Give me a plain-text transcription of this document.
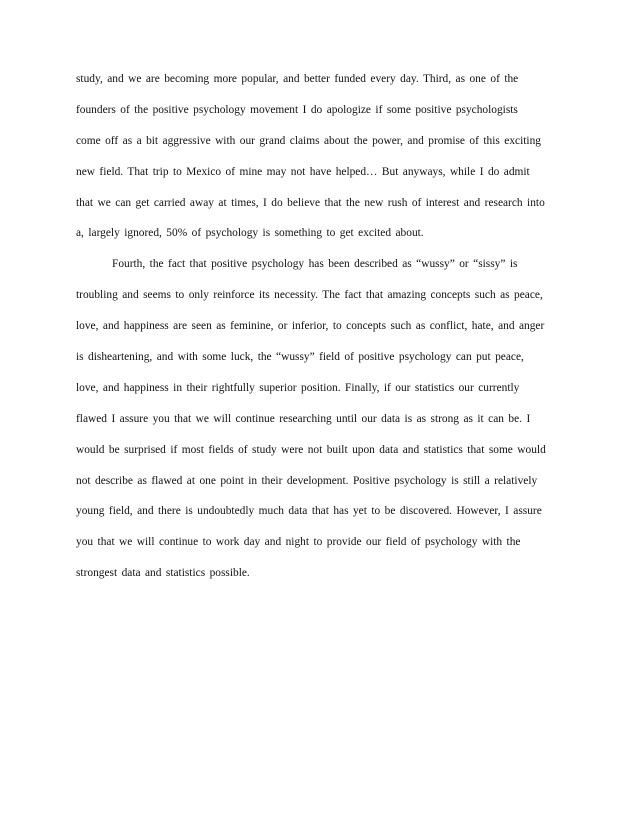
study, and we are becoming more popular, and better funded every day. Third, as one of the
founders of the positive psychology movement I do apologize if some positive psychologists
come off as a bit aggressive with our grand claims about the power, and promise of this exciting
new field. That trip to Mexico of mine may not have helped… But anyways, while I do admit
that we can get carried away at times, I do believe that the new rush of interest and research into
a, largely ignored, 50% of psychology is something to get excited about.
Fourth, the fact that positive psychology has been described as “wussy” or “sissy” is
troubling and seems to only reinforce its necessity. The fact that amazing concepts such as peace,
love, and happiness are seen as feminine, or inferior, to concepts such as conflict, hate, and anger
is disheartening, and with some luck, the “wussy” field of positive psychology can put peace,
love, and happiness in their rightfully superior position. Finally, if our statistics our currently
flawed I assure you that we will continue researching until our data is as strong as it can be. I
would be surprised if most fields of study were not built upon data and statistics that some would
not describe as flawed at one point in their development. Positive psychology is still a relatively
young field, and there is undoubtedly much data that has yet to be discovered. However, I assure
you that we will continue to work day and night to provide our field of psychology with the
strongest data and statistics possible.
